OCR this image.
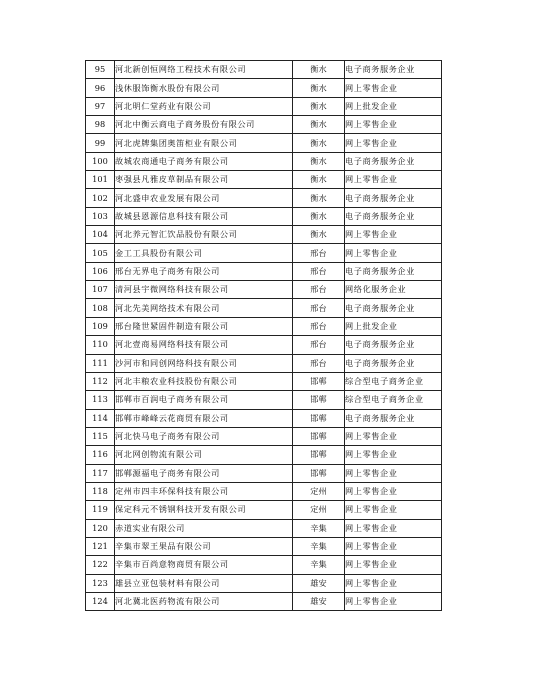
95	河北新创恒网络工程技术有限公司	衡水	电子商务服务企业
96	浅休服饰衡水股份有限公司	衡水	网上零售企业
97	河北明仁堂药业有限公司	衡水	网上批发企业
98	河北中衡云商电子商务股份有限公司	衡水	网上零售企业
99	河北虎牌集团奥笛柜业有限公司	衡水	网上零售企业
100	故城农商通电子商务有限公司	衡水	电子商务服务企业
101	枣强县凡雅皮草制品有限公司	衡水	网上零售企业
102	河北盛申农业发展有限公司	衡水	电子商务服务企业
103	故城县恩源信息科技有限公司	衡水	电子商务服务企业
104	河北养元智汇饮品股份有限公司	衡水	网上零售企业
105	金工工具股份有限公司	邢台	网上零售企业
106	邢台无界电子商务有限公司	邢台	电子商务服务企业
107	清河县宇微网络科技有限公司	邢台	网络化服务企业
108	河北先美网络技术有限公司	邢台	电子商务服务企业
109	邢台隆世紧固件制造有限公司	邢台	网上批发企业
110	河北壹商易网络科技有限公司	邢台	电子商务服务企业
111	沙河市和同创网络科技有限公司	邢台	电子商务服务企业
112	河北丰粮农业科技股份有限公司	邯郸	综合型电子商务企业
113	邯郸市百润电子商务有限公司	邯郸	综合型电子商务企业
114	邯郸市峰峰云花商贸有限公司	邯郸	电子商务服务企业
115	河北快马电子商务有限公司	邯郸	网上零售企业
116	河北网创物流有限公司	邯郸	网上零售企业
117	邯郸源福电子商务有限公司	邯郸	网上零售企业
118	定州市四丰环保科技有限公司	定州	网上零售企业
119	保定科元不锈钢科技开发有限公司	定州	网上零售企业
120	赤道实业有限公司	辛集	网上零售企业
121	辛集市翠王果品有限公司	辛集	网上零售企业
122	辛集市百尚意物商贸有限公司	辛集	网上零售企业
123	雄县立亚包装材料有限公司	雄安	网上零售企业
124	河北冀北医药物流有限公司	雄安	网上零售企业
